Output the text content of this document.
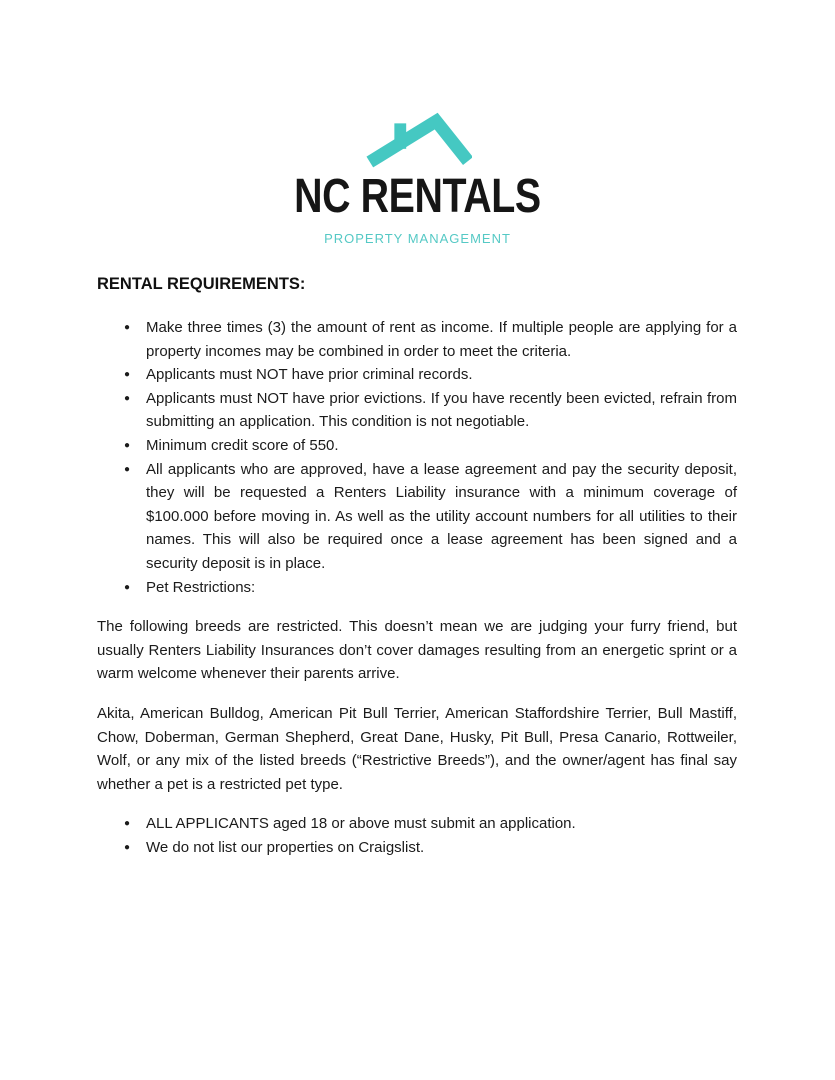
NC RENTALS
PROPERTY MANAGEMENT
RENTAL REQUIREMENTS:
● Make three times (3) the amount of rent as income. If multiple people are applying for a property incomes may be combined in order to meet the criteria.
● Applicants must NOT have prior criminal records.
● Applicants must NOT have prior evictions. If you have recently been evicted, refrain from submitting an application. This condition is not negotiable.
● Minimum credit score of 550.
● All applicants who are approved, have a lease agreement and pay the security deposit, they will be requested a Renters Liability insurance with a minimum coverage of $100.000 before moving in. As well as the utility account numbers for all utilities to their names. This will also be required once a lease agreement has been signed and a security deposit is in place.
● Pet Restrictions:

The following breeds are restricted. This doesn’t mean we are judging your furry friend, but usually Renters Liability Insurances don’t cover damages resulting from an energetic sprint or a warm welcome whenever their parents arrive.

Akita, American Bulldog, American Pit Bull Terrier, American Staffordshire Terrier, Bull Mastiff, Chow, Doberman, German Shepherd, Great Dane, Husky, Pit Bull, Presa Canario, Rottweiler, Wolf, or any mix of the listed breeds (“Restrictive Breeds”), and the owner/agent has final say whether a pet is a restricted pet type.

● ALL APPLICANTS aged 18 or above must submit an application.
● We do not list our properties on Craigslist.
